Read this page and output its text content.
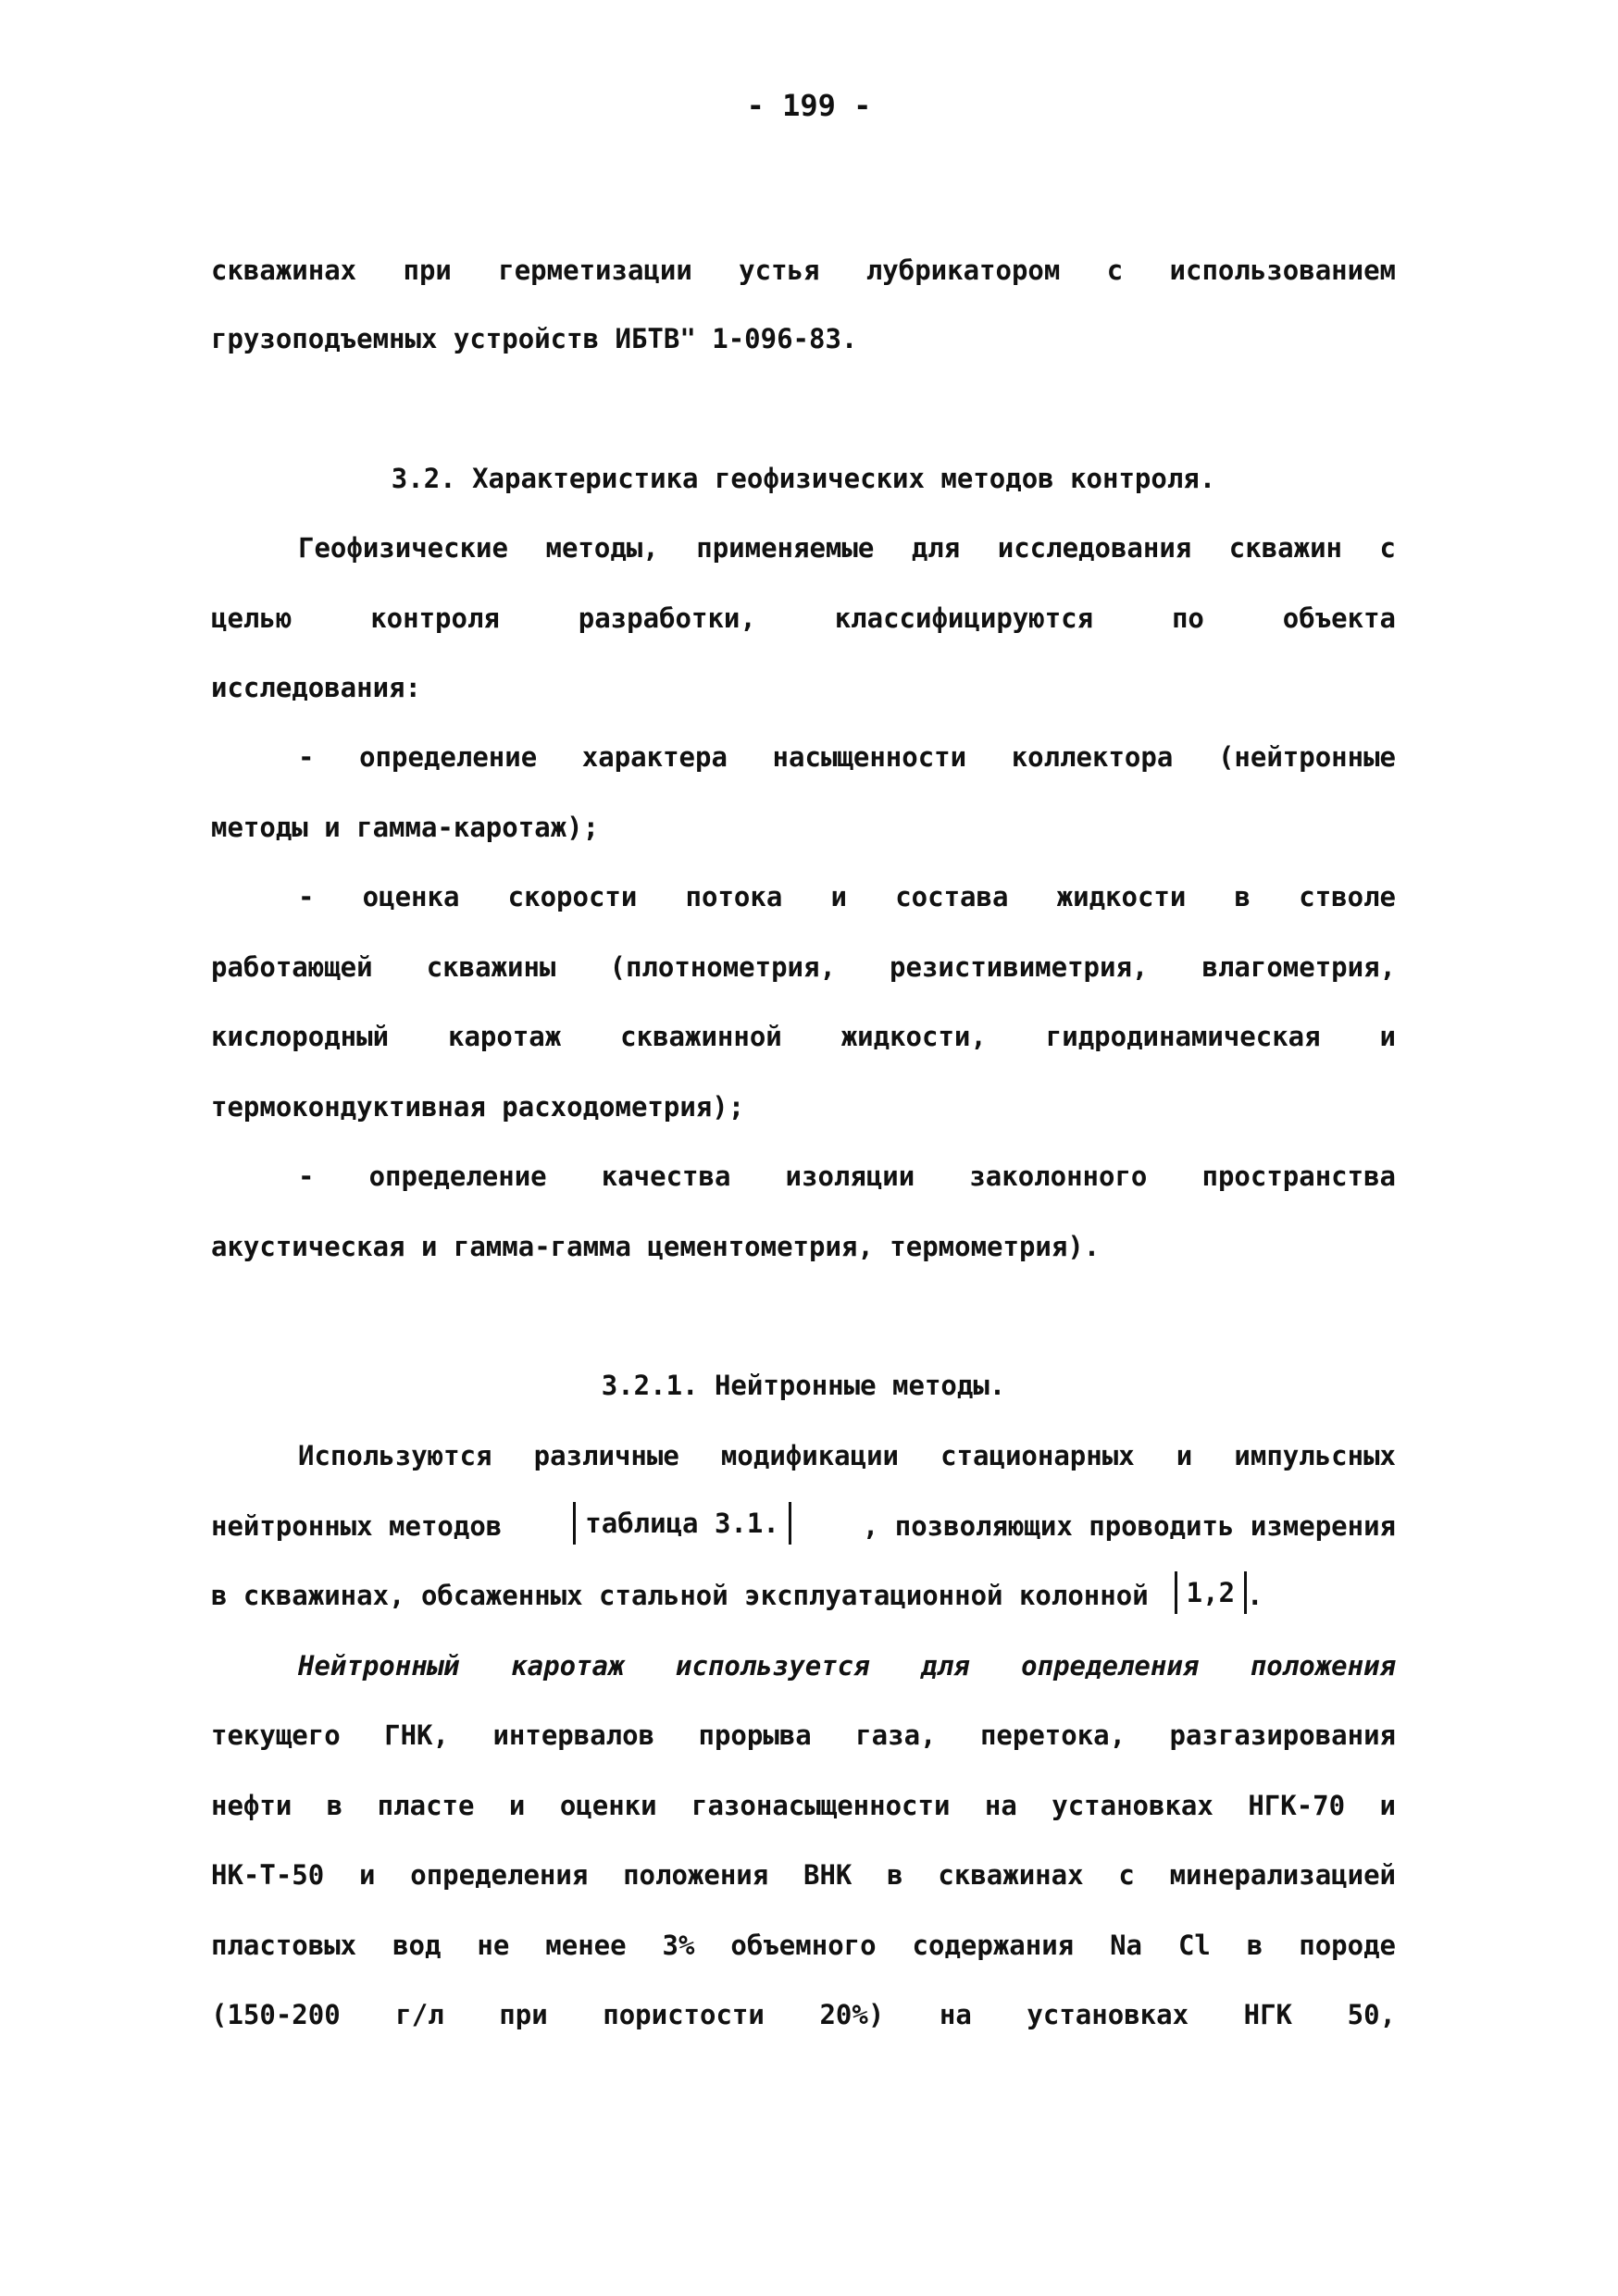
- 199 -
скважинах при герметизации устья лубрикатором с использованием
грузоподъемных устройств ИБТВ" 1-096-83.
3.2. Характеристика геофизических методов контроля.
Геофизические методы, применяемые для исследования скважин с
целью контроля разработки, классифицируются по объекта
исследования:
- определение характера насыщенности коллектора (нейтронные
методы и гамма-каротаж);
- оценка скорости потока и состава жидкости в стволе
работающей скважины (плотнометрия, резистивиметрия, влагометрия,
кислородный каротаж скважинной жидкости, гидродинамическая и
термокондуктивная расходометрия);
- определение качества изоляции заколонного пространства
акустическая и гамма-гамма цементометрия, термометрия).
3.2.1. Нейтронные методы.
Используются различные модификации стационарных и импульсных
нейтронных методов	таблица 3.1.	, позволяющих проводить измерения
в скважинах, обсаженных стальной эксплуатационной колонной	1,2 .
Нейтронный каротаж используется для определения положения
текущего ГНК, интервалов прорыва газа, перетока, разгазирования
нефти в пласте и оценки газонасыщенности на установках НГК-70 и
НК-Т-50 и определения положения ВНК в скважинах с минерализацией
пластовых вод не менее 3% объемного содержания Na Cl в породе
(150-200 г/л при пористости 20%) на установках НГК 50,
